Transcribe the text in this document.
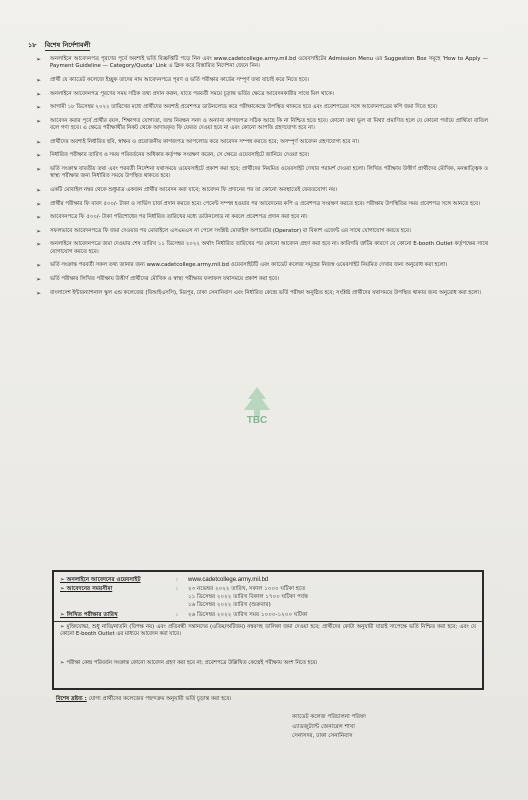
১৮ বিশেষ নির্দেশাবলী
➢ অনলাইনে আবেদনপত্র পূরণের পূর্বে অবশ্যই ভর্তি বিজ্ঞপ্তিটি পড়ে নিন এবং www.cadetcollege.army.mil.bd ওয়েবসাইটের Admission Menu এর Suggestion Box সমূহে 'How to Apply — Payment Guideline — Category/Quota' Link এ ক্লিক করে বিস্তারিত নির্দেশনা জেনে নিন।
➢ প্রার্থী যে ক্যাডেট কলেজে ইচ্ছুক তাদের নাম আবেদনপত্রে পূরণ ও ভর্তি পরীক্ষার কার্ডের সম্পূর্ণ তথ্য যাচাই করে নিতে হবে।
➢ অনলাইনে আবেদনপত্র পূরণের সময় সঠিক তথ্য প্রদান করুন, যাতে পরবর্তী সময়ে চূড়ান্ত ভর্তির ক্ষেত্রে আবেদনকারীর সাথে মিল থাকে।
➢ আগামী ১৮ ডিসেম্বর ২০২২ তারিখের মধ্যে প্রার্থীদের অবশ্যই প্রবেশপত্র ডাউনলোড করে পরীক্ষাকেন্দ্রে উপস্থিত থাকতে হবে এবং প্রবেশপত্রের সঙ্গে আবেদনপত্রের কপি জমা দিতে হবে।
➢ আবেদন করার পূর্বে প্রার্থীর বয়স, শিক্ষাগত যোগ্যতা, জন্ম নিবন্ধন সনদ ও অন্যান্য কাগজপত্র সঠিক আছে কি না নিশ্চিত হতে হবে। কোনো তথ্য ভুল বা মিথ্যা প্রমাণিত হলে যে কোনো পর্যায়ে প্রার্থিতা বাতিল বলে গণ্য হবে। এ ক্ষেত্রে পরীক্ষার্থীর নিকট থেকে আদায়কৃত ফি ফেরত দেওয়া হবে না এবং কোনো আপত্তি গ্রহণযোগ্য হবে না।
➢ প্রার্থীদের অবশ্যই নির্ধারিত ছবি, স্বাক্ষর ও প্রয়োজনীয় কাগজপত্র আপলোড করে আবেদন সম্পন্ন করতে হবে; অসম্পূর্ণ আবেদন গ্রহণযোগ্য হবে না।
➢ নির্ধারিত পরীক্ষার তারিখ ও সময় পরিবর্তনের অধিকার কর্তৃপক্ষ সংরক্ষণ করেন, সে ক্ষেত্রে ওয়েবসাইটে জানিয়ে দেওয়া হবে।
➢ ভর্তি সংক্রান্ত যাবতীয় তথ্য এবং পরবর্তী নির্দেশনা যথাসময়ে ওয়েবসাইটে প্রকাশ করা হবে; প্রার্থীদের নিয়মিত ওয়েবসাইট দেখার পরামর্শ দেওয়া হলো। লিখিত পরীক্ষায় উত্তীর্ণ প্রার্থীদের মৌখিক, মনস্তাত্ত্বিক ও স্বাস্থ্য পরীক্ষার জন্য নির্ধারিত সময়ে উপস্থিত থাকতে হবে।
➢ একটি মোবাইল নম্বর থেকে শুধুমাত্র একজন প্রার্থীর আবেদন করা যাবে; আবেদন ফি প্রদানের পর তা কোনো অবস্থাতেই ফেরতযোগ্য নয়।
➢ প্রার্থীর পরীক্ষার ফি বাবদ ৫০০/- টাকা ও সার্ভিস চার্জ প্রদান করতে হবে। পেমেন্ট সম্পন্ন হওয়ার পর আবেদনের কপি ও প্রবেশপত্র সংরক্ষণ করতে হবে। পরীক্ষায় উপস্থিতির সময় প্রবেশপত্র সঙ্গে আনতে হবে।
➢ আবেদনপত্রে ফি ৫০০/- টাকা পরিশোধের পর নির্ধারিত তারিখের মধ্যে ডাউনলোড না করলে প্রবেশপত্র প্রদান করা হবে না।
➢ সফলভাবে আবেদনপত্রে ফি জমা দেওয়ার পর মোবাইলে এসএমএস না পেলে সংশ্লিষ্ট মোবাইল অপারেটর (Operator) বা বিকাশ এজেন্ট এর সাথে যোগাযোগ করতে হবে।
➢ অনলাইনে আবেদনপত্রে জমা দেওয়ার শেষ তারিখ ১১ ডিসেম্বর ২০২২ অর্থাৎ নির্ধারিত তারিখের পর কোনো আবেদন গ্রহণ করা হবে না। কারিগরি ত্রুটির কারণে যে কোনো E-booth Outlet কর্তৃপক্ষের সাথে যোগাযোগ করতে হবে।
➢ ভর্তি সংক্রান্ত পরবর্তী সকল তথ্য জানার জন্য www.cadetcollege.army.mil.bd ওয়েবসাইটটি এবং ক্যাডেট কলেজ সমূহের নিজস্ব ওয়েবসাইট নিয়মিত দেখার জন্য অনুরোধ করা হলো।
➢ ভর্তি পরীক্ষার লিখিত পরীক্ষায় উত্তীর্ণ প্রার্থীদের মৌখিক ও স্বাস্থ্য পরীক্ষার ফলাফল যথাসময়ে প্রকাশ করা হবে।
➢ বাংলাদেশ ইন্টারন্যাশনাল স্কুল এন্ড কলেজের (বিআইএসসি), মিরপুর, ঢাকা সেনানিবাস এবং নির্ধারিত কেন্দ্রে ভর্তি পরীক্ষা অনুষ্ঠিত হবে; সংশ্লিষ্ট প্রার্থীদের যথাসময়ে উপস্থিত থাকার জন্য অনুরোধ করা হলো।
TBC
➢ অনলাইনে আবেদনের ওয়েবসাইট	: www.cadetcollege.army.mil.bd
➢ আবেদনের সময়সীমা	: ২৩ নভেম্বর ২০২২ তারিখ, সকাল ১০০০ ঘটিকা হতে
১১ ডিসেম্বর ২০২২ তারিখ বিকাল ১৭০০ ঘটিকা পর্যন্ত
১৬ ডিসেম্বর ২০২২ তারিখ (শুক্রবার)
➢ লিখিত পরীক্ষার তারিখ	: ২৬ ডিসেম্বর ২০২২ তারিখ সময় ১০০০-১২০০ ঘটিকা
➢ মুক্তিযোদ্ধা, শুধু নাতি/নাতনি (বিপক্ষ নয়) এবং প্রতিবন্ধী সন্তানদের (এতিম/অটিজম) নম্বরসহ তালিকা জমা দেওয়া হবে; প্রার্থীদের কোটা অনুযায়ী যাচাই সাপেক্ষে ভর্তি নিশ্চিত করা হবে; এবং যে কোনো E-booth Outlet এর মাধ্যমে আবেদন করা যাবে।
➢ পরীক্ষা কেন্দ্র পরিবর্তন সংক্রান্ত কোনো আবেদন গ্রহণ করা হবে না; প্রবেশপত্রে উল্লিখিত কেন্দ্রেই পরীক্ষায় অংশ নিতে হবে।
বিশেষ দ্রষ্টব্য : যোগ্য প্রার্থীদের কলেজের পছন্দক্রম অনুযায়ী ভর্তি চূড়ান্ত করা হবে।
ক্যাডেট কলেজ পরিচালনা পরিষদ
এ্যাডজুট্যান্ট জেনারেল শাখা
সেনাসদর, ঢাকা সেনানিবাস
